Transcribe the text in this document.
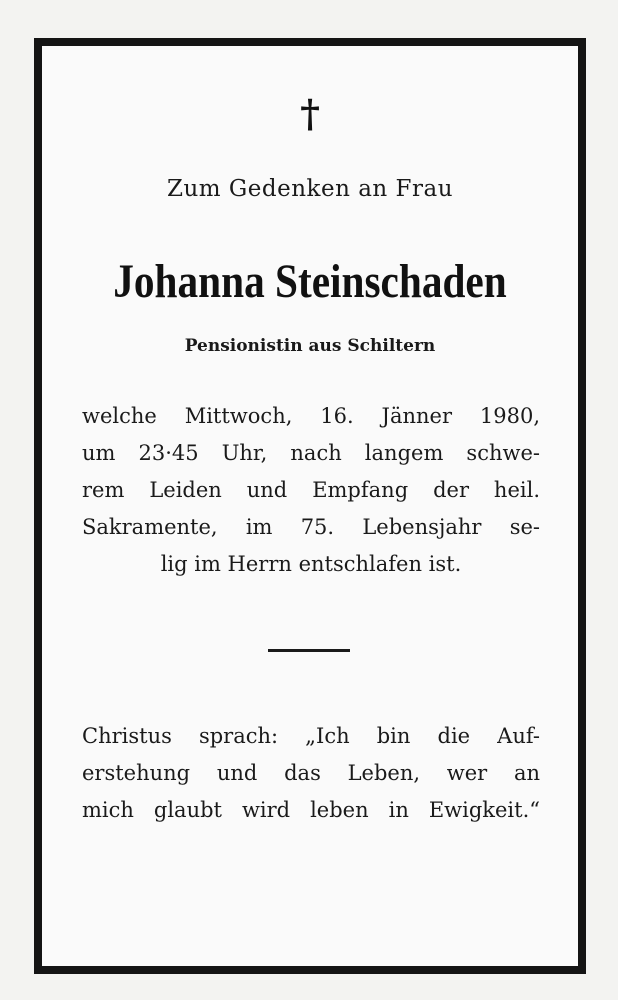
†
Zum Gedenken an Frau
Johanna Steinschaden
Pensionistin aus Schiltern
welche Mittwoch, 16. Jänner 1980,
um 23·45 Uhr, nach langem schwe-
rem Leiden und Empfang der heil.
Sakramente, im 75. Lebensjahr se-
lig im Herrn entschlafen ist.
Christus sprach: „Ich bin die Auf-
erstehung und das Leben, wer an
mich glaubt wird leben in Ewigkeit.“
